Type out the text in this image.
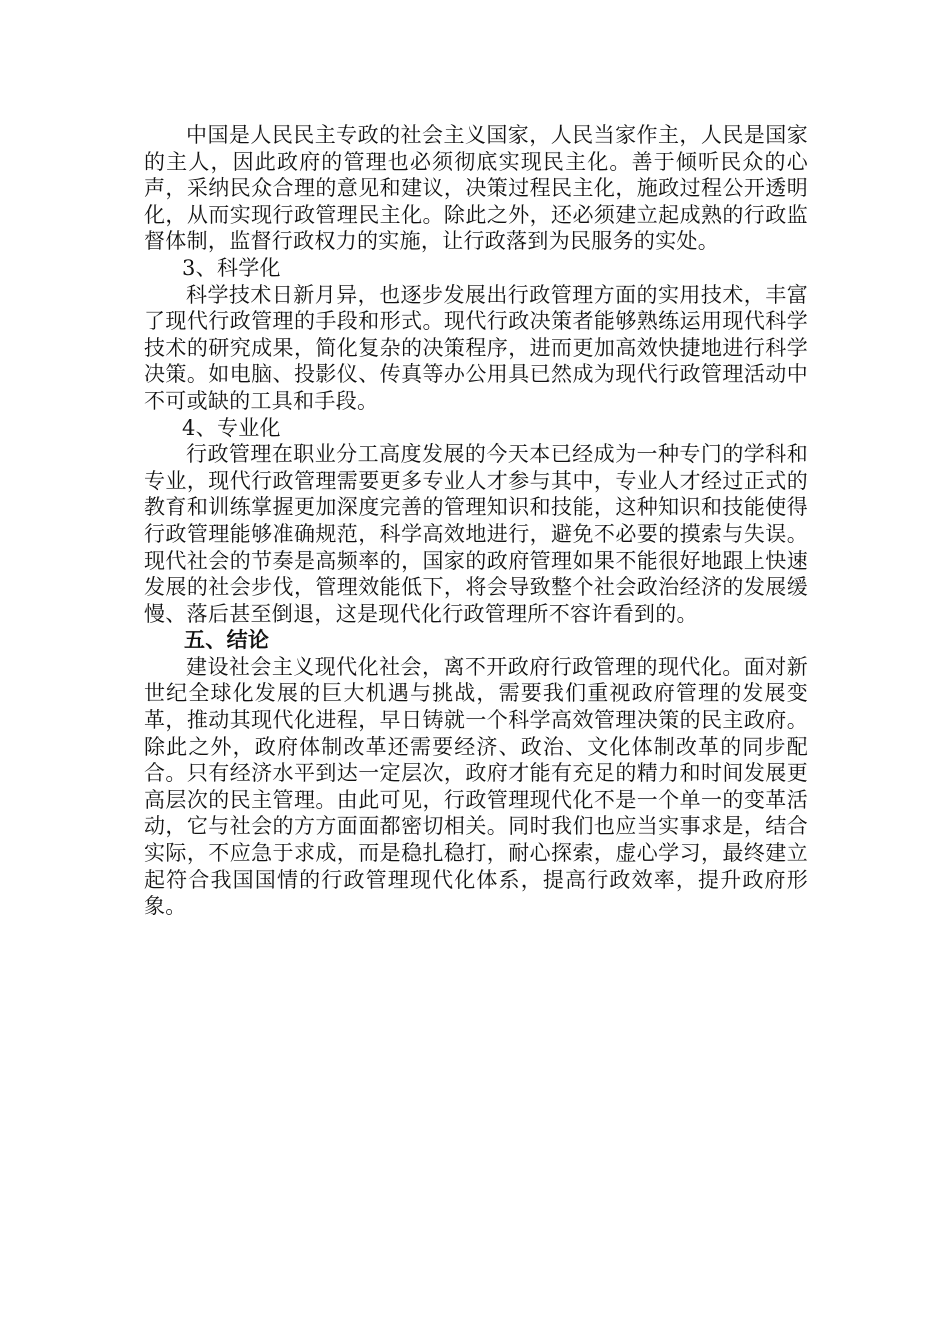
中国是人民民主专政的社会主义国家，人民当家作主，人民是国家的主人，因此政府的管理也必须彻底实现民主化。善于倾听民众的心声，采纳民众合理的意见和建议，决策过程民主化，施政过程公开透明化，从而实现行政管理民主化。除此之外，还必须建立起成熟的行政监督体制，监督行政权力的实施，让行政落到为民服务的实处。

3、科学化

科学技术日新月异，也逐步发展出行政管理方面的实用技术，丰富了现代行政管理的手段和形式。现代行政决策者能够熟练运用现代科学技术的研究成果，简化复杂的决策程序，进而更加高效快捷地进行科学决策。如电脑、投影仪、传真等办公用具已然成为现代行政管理活动中不可或缺的工具和手段。

4、专业化

行政管理在职业分工高度发展的今天本已经成为一种专门的学科和专业，现代行政管理需要更多专业人才参与其中，专业人才经过正式的教育和训练掌握更加深度完善的管理知识和技能，这种知识和技能使得行政管理能够准确规范，科学高效地进行，避免不必要的摸索与失误。现代社会的节奏是高频率的，国家的政府管理如果不能很好地跟上快速发展的社会步伐，管理效能低下，将会导致整个社会政治经济的发展缓慢、落后甚至倒退，这是现代化行政管理所不容许看到的。

五、结论

建设社会主义现代化社会，离不开政府行政管理的现代化。面对新世纪全球化发展的巨大机遇与挑战，需要我们重视政府管理的发展变革，推动其现代化进程，早日铸就一个科学高效管理决策的民主政府。除此之外，政府体制改革还需要经济、政治、文化体制改革的同步配合。只有经济水平到达一定层次，政府才能有充足的精力和时间发展更高层次的民主管理。由此可见，行政管理现代化不是一个单一的变革活动，它与社会的方方面面都密切相关。同时我们也应当实事求是，结合实际，不应急于求成，而是稳扎稳打，耐心探索，虚心学习，最终建立起符合我国国情的行政管理现代化体系，提高行政效率，提升政府形象。
